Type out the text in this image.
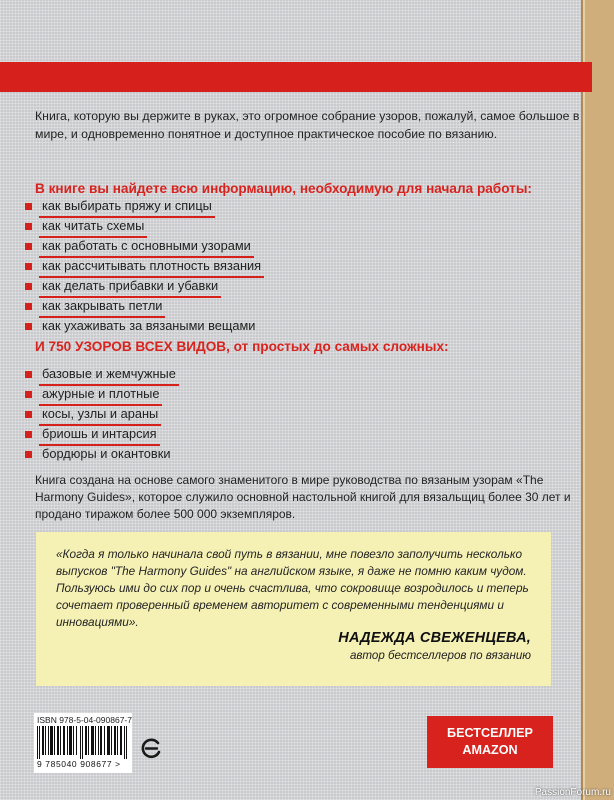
Книга, которую вы держите в руках, это огромное собрание узоров, пожалуй, самое большое в мире, и одновременно понятное и доступное практическое пособие по вязанию.
В книге вы найдете всю информацию, необходимую для начала работы:
как выбирать пряжу и спицы
как читать схемы
как работать с основными узорами
как рассчитывать плотность вязания
как делать прибавки и убавки
как закрывать петли
как ухаживать за вязаными вещами
И 750 УЗОРОВ ВСЕХ ВИДОВ, от простых до самых сложных:
базовые и жемчужные
ажурные и плотные
косы, узлы и араны
бриошь и интарсия
бордюры и окантовки
Книга создана на основе самого знаменитого в мире руководства по вязаным узорам «The Harmony Guides», которое служило основной настольной книгой для вязальщиц более 30 лет и продано тиражом более 500 000 экземпляров.
«Когда я только начинала свой путь в вязании, мне повезло заполучить несколько выпусков "The Harmony Guides" на английском языке, я даже не помню каким чудом. Пользуюсь ими до сих пор и очень счастлива, что сокровище возродилось и теперь сочетает проверенный временем авторитет с современными тенденциями и инновациями».
НАДЕЖДА СВЕЖЕНЦЕВА,
автор бестселлеров по вязанию
ISBN 978-5-04-090867-7
9 785040 908677 >
БЕСТСЕЛЛЕР
AMAZON
PassionForum.ru
